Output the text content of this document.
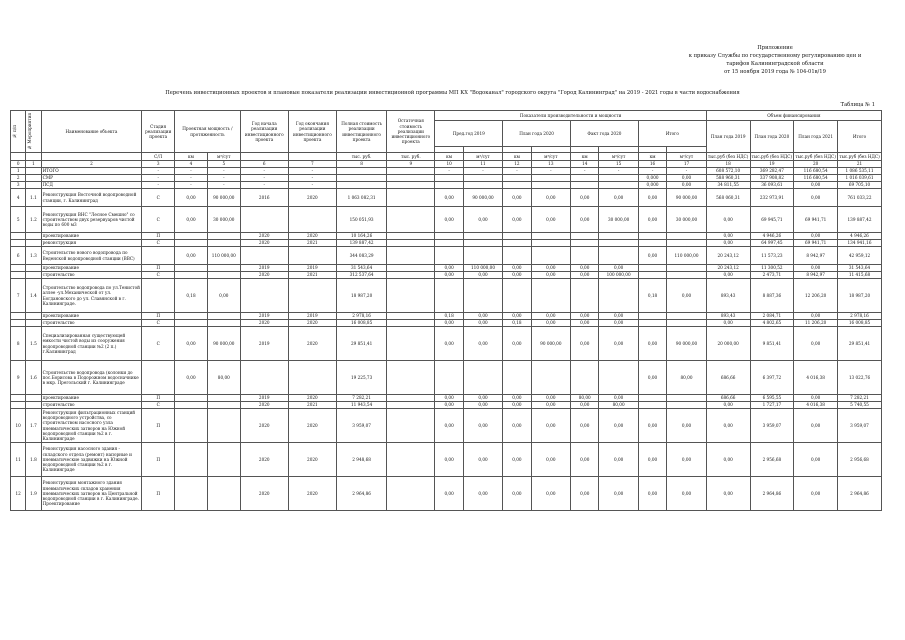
Приложение
к приказу Службы по государственному регулированию цен и
тарифов Калининградской области
от 15 ноября 2019 года № 104-01в/19
Перечень инвестиционных проектов и плановые показатели реализации инвестиционной программы МП КХ "Водоканал" городского округа "Город Калининград" на 2019 - 2021 годы в части водоснабжения
Таблица № 1
№ п/п	№ Мероприятия	Наименование объекта	Стадия реализации проекта	Проектная мощность /протяженность		Год начала реализации инвестиционного проекта	Год окончания реализации инвестиционного проекта	Полная стоимость реализации инвестиционного проекта	Остаточная стоимость реализации инвестиционного проекта	Показатели производительности и мощности								Объем финансирования			
										Пред.год 2019		План года 2020		Факт года 2020		Итого		План года 2019	План года 2020	План года 2021	Итого

			С/Л	км	м³/сут			тыс. руб.	тыс. руб.	км	м³/сут	км	м³/сут	км	м³/сут	км	м³/сут	тыс.руб (без НДС)	тыс.руб (без НДС)	тыс.руб (без НДС)	тыс.руб (без НДС)
0	1	2	3	4	5	6	7	8	9	10	11	12	13	14	15	16	17	18	19	20	21
1		ИТОГО	-	-	-	-	-			-	-	-	-	-	-	-	-	608 572,10	369 282,47	116 680,54	1 086 535,11
2		СМР	-	-	-	-	-									0,000	0,00	588 960,31	337 908,82	116 680,54	1 016 039,61
3		ПСД	-	-	-	-	-									0,000	0,00	34 811,55	36 093,61	0,00	69 705,10
4	1.1	Реконструкция Восточной водопроводной станции, г. Калининград	С	0,00	90 000,00	2016	2020	1 063 082,31		0,00	90 000,00	0,00	0,00	0,00	0,00	0,00	90 000,00	568 060,31	232 973,91	0,00	761 033,22
5	1.2	Реконструкция ВНС "Лесное Смешно" со строительством двух резервуаров чистой воды по 600 м3	С	0,00	30 000,00			150 051,93		0,00	0,00	0,00	0,00	0,00	30 000,00	0,00	30 000,00	0,00	69 945,71	69 941,71	139 887,42
		проектирование	П			2020	2020	10 164,26										0,00	4 946,26	0,00	4 946,26
		реконструкция	С			2020	2021	139 887,42										0,00	64 997,45	69 941,71	134 941,16
6	1.3	Строительство нового водопровода по Веденской водопроводной станции (ВВС)		0,00	110 000,00			344 083,29								0,00	110 000,00	20 243,12	11 573,23	8 942,97	42 959,12
		проектирование	П			2019	2019	31 543,64		0,00	110 000,00	0,00	0,00	0,00	0,00			20 243,12	11 300,52	0,00	31 543,64
		строительство	С			2020	2021	312 537,64		0,00	0,00	0,00	0,00	0,00	100 000,00			0,00	2 473,71	8 942,97	11 415,68
7	1.4	Строительство водопровода по ул.Тенистой аллее -ул.Механической от ул. Богдановского до ул. Славянской в г. Калининграде.		0,18	0,00			18 987,20								0,18	0,00	893,43	8 887,36	12 206,20	18 987,20
		проектирование	П			2019	2019	2 978,16		0,18	0,00	0,00	0,00	0,00	0,00			893,43	2 084,71	0,00	2 978,16
		строительство	С			2020	2020	16 008,85		0,00	0,00	0,18	0,00	0,00	0,00			0,00	4 802,65	11 206,20	16 008,85
8	1.5	Специализированная существующей емкости чистой воды из сооружения водопроводной станции №2 (2 п.) г.Калининград	С	0,00	90 000,00	2019	2020	29 851,41		0,00	0,00	0,00	90 000,00	0,00	0,00	0,00	90 000,00	20 000,00	9 851,41	0,00	29 851,41
9	1.6	Строительство водопровода (колонки до пос.Борисова в Подорожном водосначнике в мкр. Прегольский г. Калининграде		0,00	80,00			19 225,73								0,00	80,00	686,66	6 397,72	4 016,38	13 022,76
		проектирование	П			2019	2020	7 282,21		0,00	0,00	0,00	0,00	80,00	0,00			686,66	6 595,55	0,00	7 282,21
		строительство	С			2020	2021	11 943,54		0,00	0,00	0,00	0,00	0,00	80,00			0,00	1 727,17	4 016,38	5 740,55
10	1.7	Реконструкция фильтрационных станций водопроводного устройства, со строительством насосного узла пневматических затворов на Южной водопроводной станции №2 в г. Калининграде	П			2020	2020	3 959,07		0,00	0,00	0,00	0,00	0,00	0,00	0,00	0,00	0,00	3 959,07	0,00	3 959,07
11	1.8	Реконструкция насосного здания - складского отдела (ремонт) напорные и пневматические задвижки на Южной водопроводной станции №2 в г. Калининграде	П			2020	2020	2 948,68		0,00	0,00	0,00	0,00	0,00	0,00	0,00	0,00	0,00	2 956,68	0,00	2 956,68
12	1.9	Реконструкция монтажного здания пневматических складов хранения пневматических затворов на Центральной водопроводной станции в г. Калининграде. Проектирование	П			2020	2020	2 964,86		0,00	0,00	0,00	0,00	0,00	0,00	0,00	0,00	0,00	2 964,86	0,00	2 964,86
